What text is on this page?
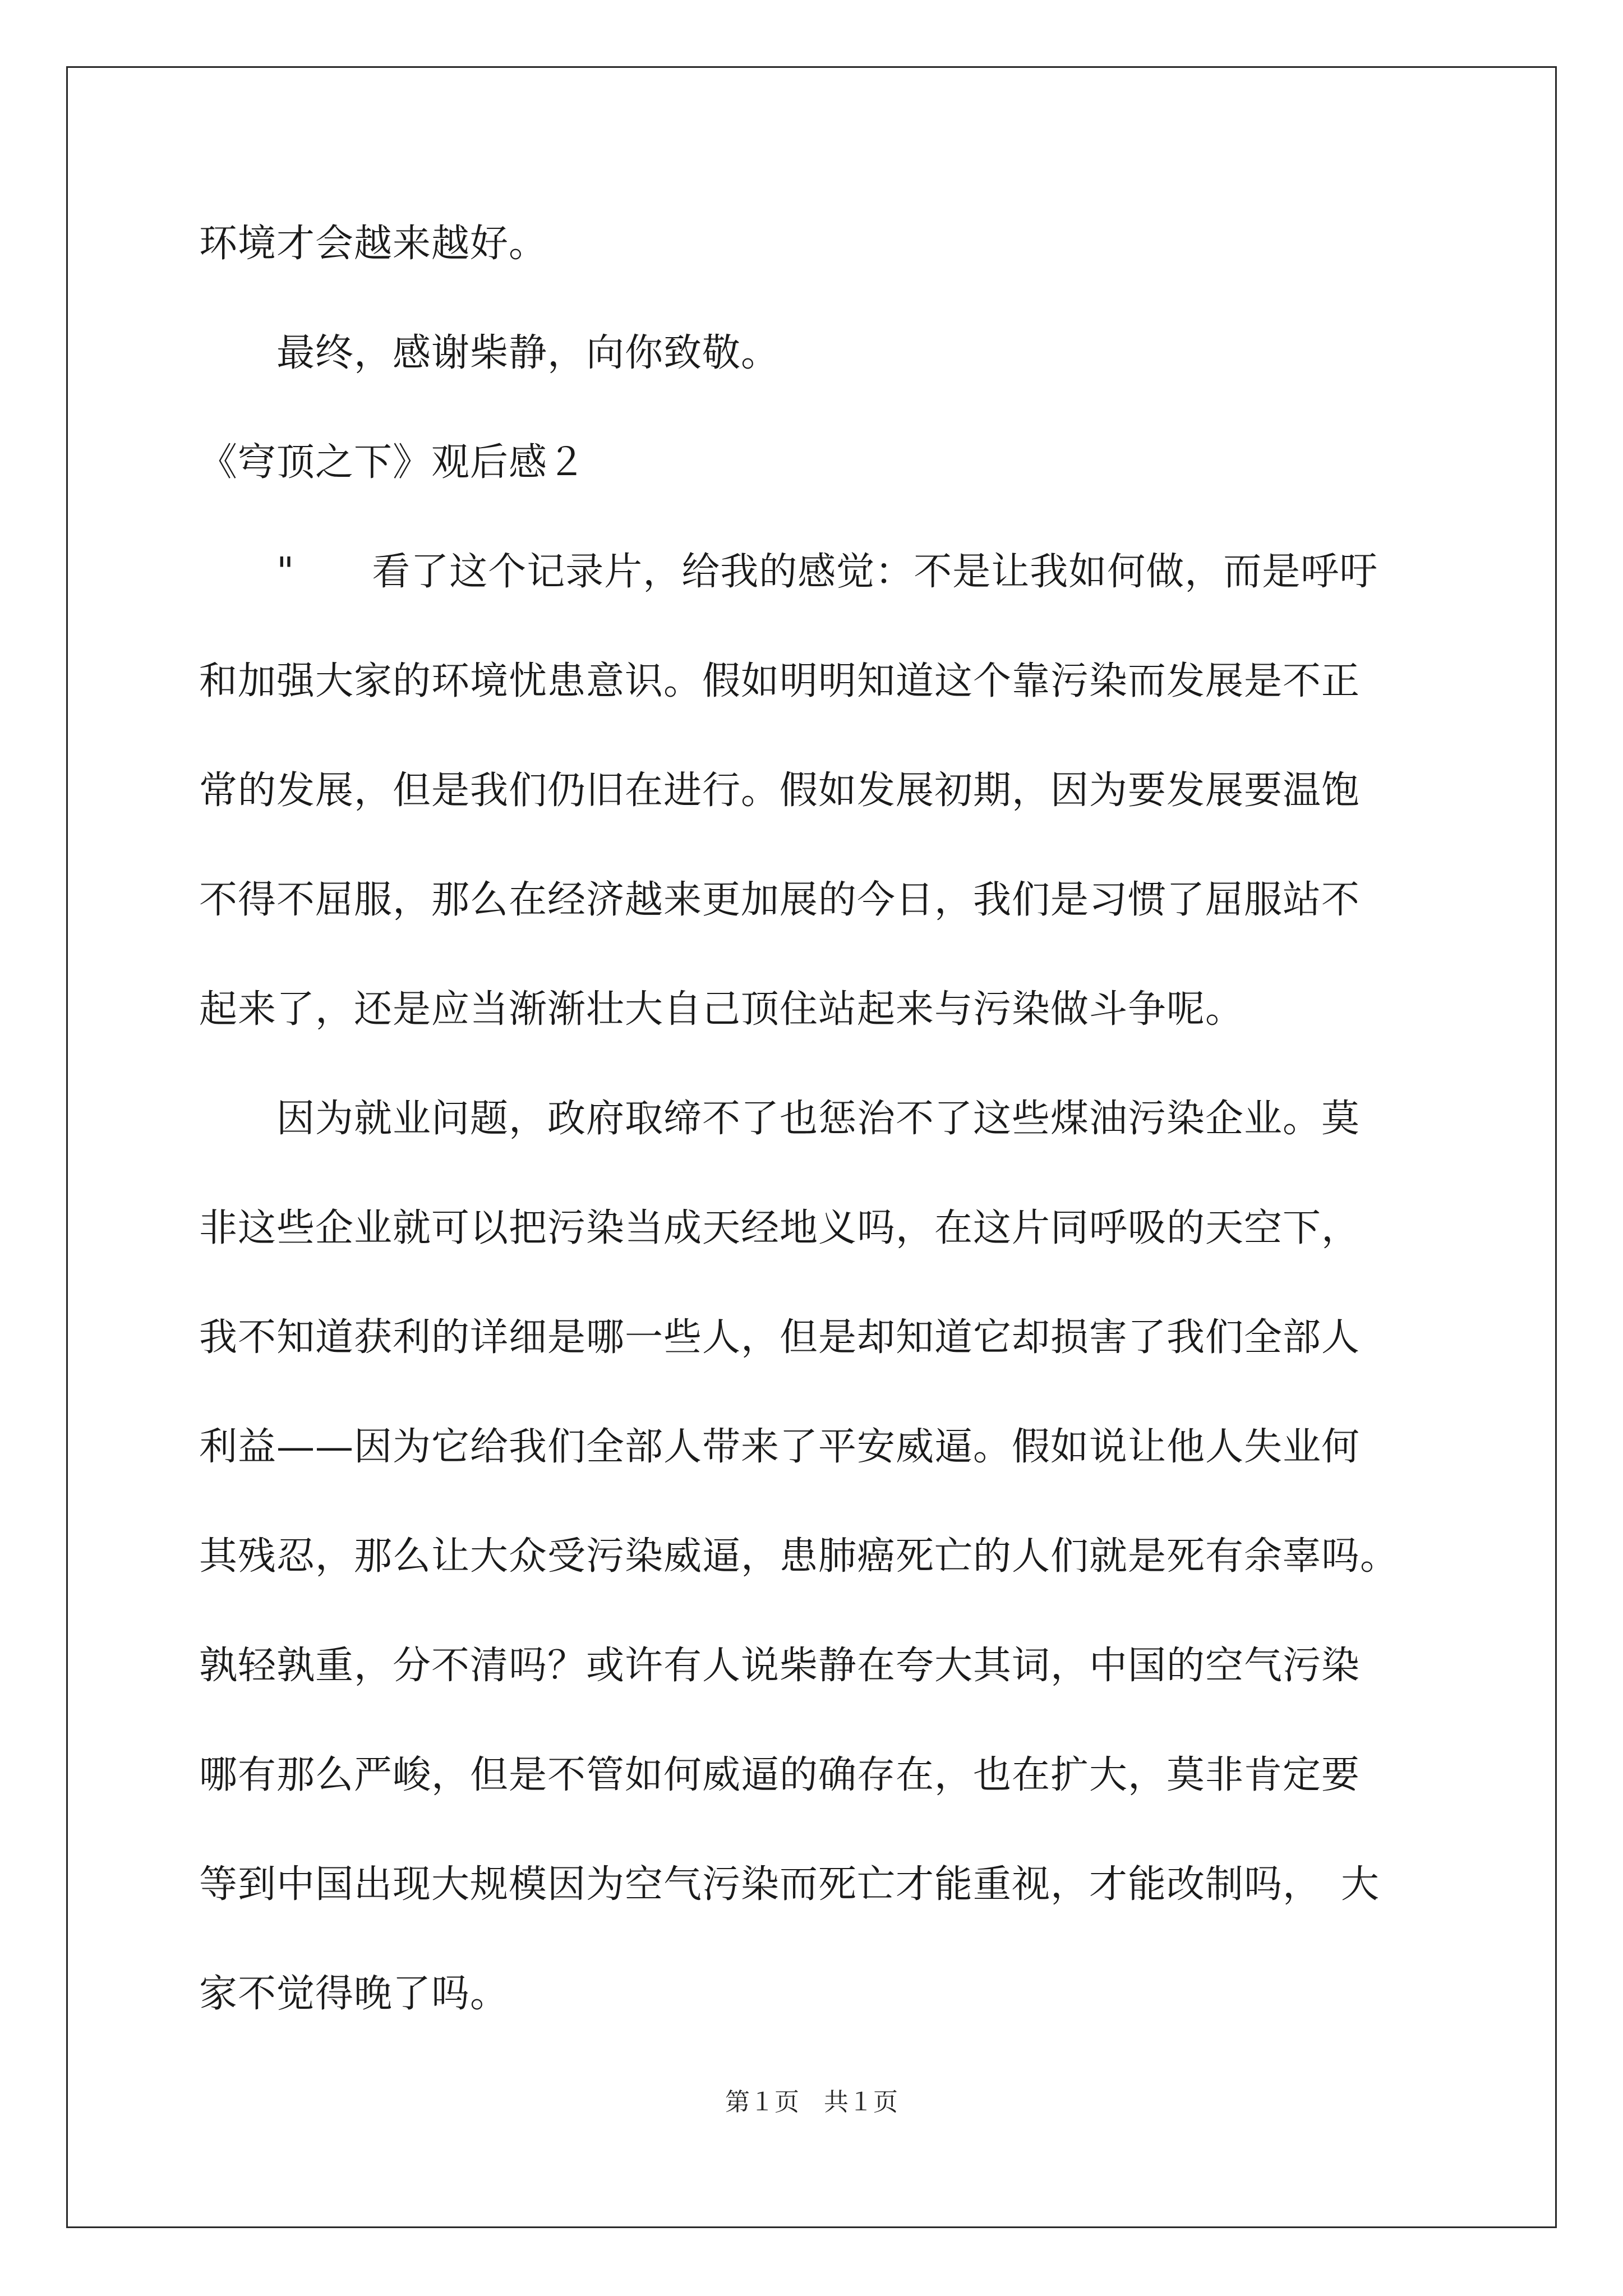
环境才会越来越好。
　　最终，感谢柴静，向你致敬。
《穹顶之下》观后感２
　　"　　看了这个记录片，给我的感觉：不是让我如何做，而是呼吁
和加强大家的环境忧患意识。假如明明知道这个靠污染而发展是不正
常的发展，但是我们仍旧在进行。假如发展初期，因为要发展要温饱
不得不屈服，那么在经济越来更加展的今日，我们是习惯了屈服站不
起来了，还是应当渐渐壮大自己顶住站起来与污染做斗争呢。
　　因为就业问题，政府取缔不了也惩治不了这些煤油污染企业。莫
非这些企业就可以把污染当成天经地义吗，在这片同呼吸的天空下，
我不知道获利的详细是哪一些人，但是却知道它却损害了我们全部人
利益——因为它给我们全部人带来了平安威逼。假如说让他人失业何
其残忍，那么让大众受污染威逼，患肺癌死亡的人们就是死有余辜吗。
孰轻孰重，分不清吗？或许有人说柴静在夸大其词，中国的空气污染
哪有那么严峻，但是不管如何威逼的确存在，也在扩大，莫非肯定要
等到中国出现大规模因为空气污染而死亡才能重视，才能改制吗，　大
家不觉得晚了吗。
第１页　共１页
